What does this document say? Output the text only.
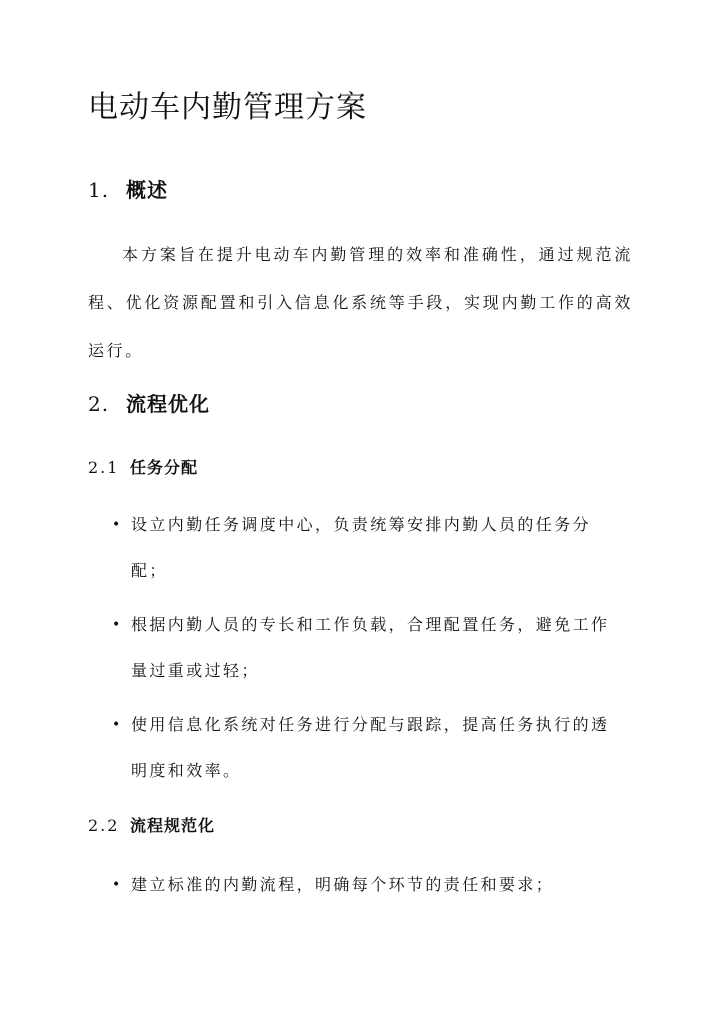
电动车内勤管理方案
1. 概述

本方案旨在提升电动车内勤管理的效率和准确性，通过规范流程、优化资源配置和引入信息化系统等手段，实现内勤工作的高效运行。

2. 流程优化
2.1 任务分配
• 设立内勤任务调度中心，负责统筹安排内勤人员的任务分配；
• 根据内勤人员的专长和工作负载，合理配置任务，避免工作量过重或过轻；
• 使用信息化系统对任务进行分配与跟踪，提高任务执行的透明度和效率。
2.2 流程规范化
• 建立标准的内勤流程，明确每个环节的责任和要求；
